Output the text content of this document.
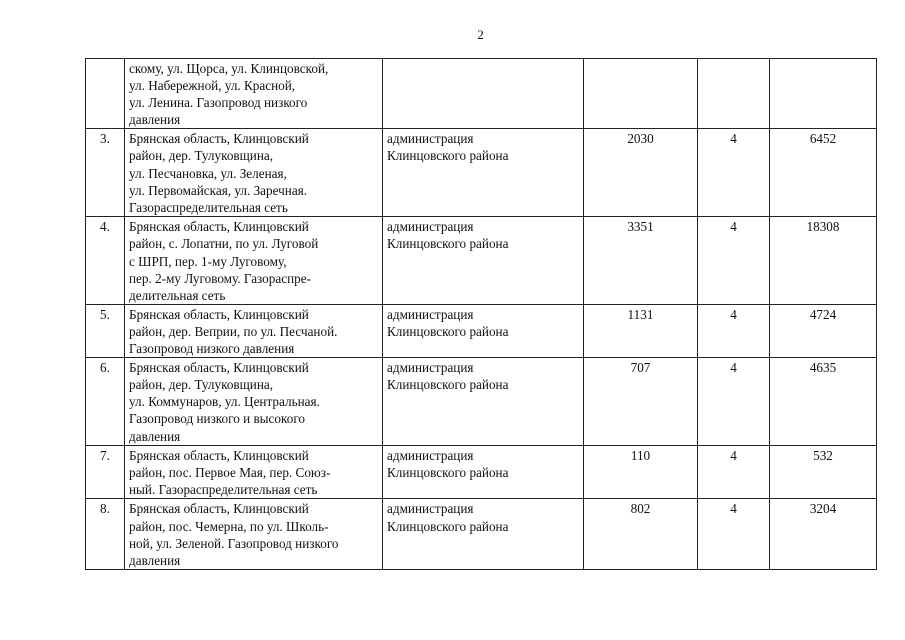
2

	скому, ул. Щорса, ул. Клинцовской,
ул. Набережной, ул. Красной,
ул. Ленина. Газопровод низкого
давления				

3.	Брянская область, Клинцовский
район, дер. Тулуковщина,
ул. Песчановка, ул. Зеленая,
ул. Первомайская, ул. Заречная.
Газораспределительная сеть	администрация
Клинцовского района	2030	4	6452

4.	Брянская область, Клинцовский
район, с. Лопатни, по ул. Луговой
с ШРП, пер. 1-му Луговому,
пер. 2-му Луговому. Газораспре-
делительная сеть	администрация
Клинцовского района	3351	4	18308

5.	Брянская область, Клинцовский
район, дер. Веприи, по ул. Песчаной.
Газопровод низкого давления	администрация
Клинцовского района	1131	4	4724

6.	Брянская область, Клинцовский
район, дер. Тулуковщина,
ул. Коммунаров, ул. Центральная.
Газопровод низкого и высокого
давления	администрация
Клинцовского района	707	4	4635

7.	Брянская область, Клинцовский
район, пос. Первое Мая, пер. Союз-
ный. Газораспределительная сеть	администрация
Клинцовского района	110	4	532

8.	Брянская область, Клинцовский
район, пос. Чемерна, по ул. Школь-
ной, ул. Зеленой. Газопровод низкого
давления	администрация
Клинцовского района	802	4	3204
